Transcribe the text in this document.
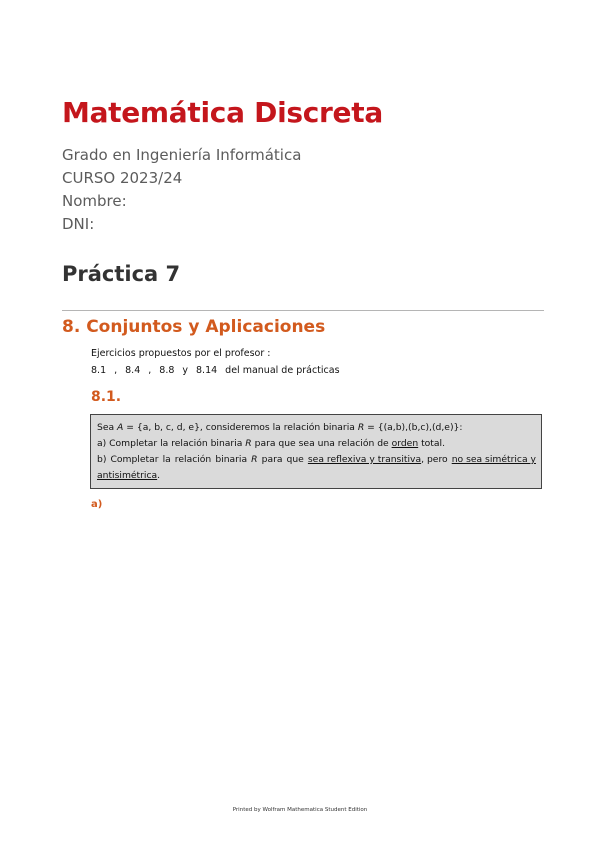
Matemática Discreta
Grado en Ingeniería Informática
CURSO 2023/24
Nombre:
DNI:
Práctica 7
8. Conjuntos y Aplicaciones
Ejercicios propuestos por el profesor :
8.1 , 8.4 , 8.8 y 8.14 del manual de prácticas
8.1.
Sea A = {a, b, c, d, e}, consideremos la relación binaria R = {(a,b),(b,c),(d,e)}:
a) Completar la relación binaria R para que sea una relación de orden total.
b) Completar la relación binaria R para que sea reflexiva y transitiva, pero no sea simétrica y
antisimétrica.
a)
Printed by Wolfram Mathematica Student Edition
